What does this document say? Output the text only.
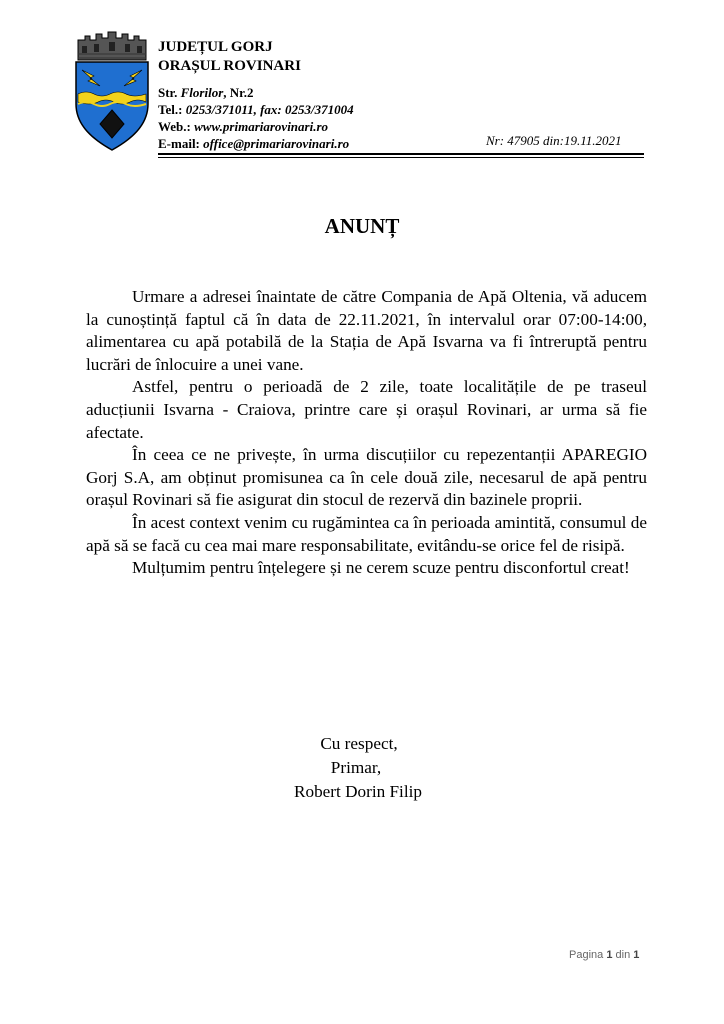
JUDEȚUL GORJ
ORAȘUL ROVINARI
Str. Florilor, Nr.2
Tel.: 0253/371011, fax: 0253/371004
Web.: www.primariarovinari.ro
E-mail: office@primariarovinari.ro	Nr: 47905 din:19.11.2021
ANUNȚ

Urmare a adresei înaintate de către Compania de Apă Oltenia, vă aducem la cunoștință faptul că în data de 22.11.2021, în intervalul orar 07:00-14:00, alimentarea cu apă potabilă de la Stația de Apă Isvarna va fi întreruptă pentru lucrări de înlocuire a unei vane.

Astfel, pentru o perioadă de 2 zile, toate localitățile de pe traseul aducțiunii Isvarna - Craiova, printre care și orașul Rovinari, ar urma să fie afectate.

În ceea ce ne privește, în urma discuțiilor cu repezentanții APAREGIO Gorj S.A, am obținut promisunea ca în cele două zile, necesarul de apă pentru orașul Rovinari să fie asigurat din stocul de rezervă din bazinele proprii.

În acest context venim cu rugămintea ca în perioada amintită, consumul de apă să se facă cu cea mai mare responsabilitate, evitându-se orice fel de risipă.

Mulțumim pentru înțelegere și ne cerem scuze pentru disconfortul creat!

Cu respect,
Primar,
Robert Dorin Filip
Pagina 1 din 1
